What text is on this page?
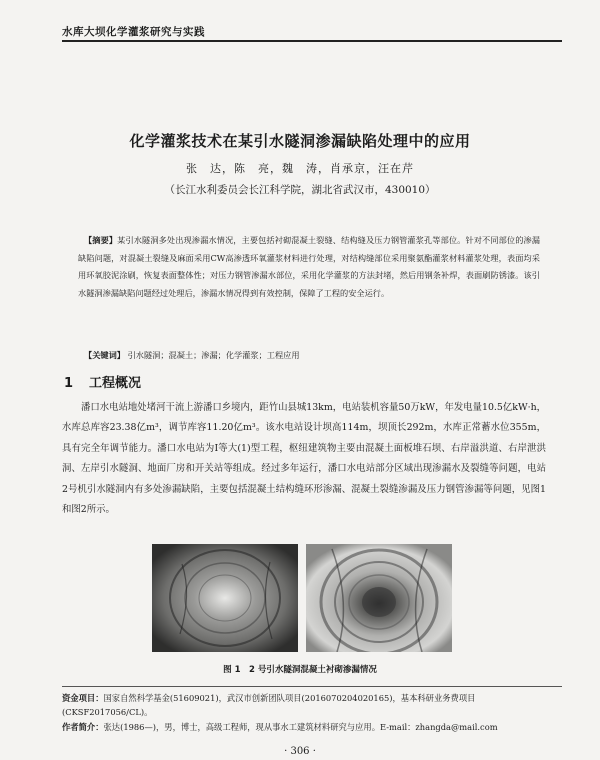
水库大坝化学灌浆研究与实践
化学灌浆技术在某引水隧洞渗漏缺陷处理中的应用
张　达，陈　亮，魏　涛，肖承京，汪在芹
（长江水利委员会长江科学院，湖北省武汉市，430010）
【摘要】某引水隧洞多处出现渗漏水情况，主要包括衬砌混凝土裂缝、结构缝及压力钢管灌浆孔等部位。针对不同部位的渗漏缺陷问题，对混凝土裂缝及麻面采用CW高渗透环氧灌浆材料进行处理，对结构缝部位采用聚氨酯灌浆材料灌浆处理，表面均采用环氧胶泥涂刷，恢复表面整体性；对压力钢管渗漏水部位，采用化学灌浆的方法封堵，然后用钢条补焊，表面刷防锈漆。该引水隧洞渗漏缺陷问题经过处理后，渗漏水情况得到有效控制，保障了工程的安全运行。
【关键词】 引水隧洞；混凝土；渗漏；化学灌浆；工程应用
1 工程概况
潘口水电站地处堵河干流上游潘口乡境内，距竹山县城13km，电站装机容量50万kW，年发电量10.5亿kW·h，水库总库容23.38亿m³，调节库容11.20亿m³。该水电站设计坝高114m，坝顶长292m，水库正常蓄水位355m，具有完全年调节能力。潘口水电站为Ⅰ等大(1)型工程，枢纽建筑物主要由混凝土面板堆石坝、右岸溢洪道、右岸泄洪洞、左岸引水隧洞、地面厂房和开关站等组成。经过多年运行，潘口水电站部分区域出现渗漏水及裂缝等问题，电站2号机引水隧洞内有多处渗漏缺陷，主要包括混凝土结构缝环形渗漏、混凝土裂缝渗漏及压力钢管渗漏等问题，见图1和图2所示。
图 1　2 号引水隧洞混凝土衬砌渗漏情况
资金项目：国家自然科学基金(51609021)，武汉市创新团队项目(2016070204020165)，基本科研业务费项目(CKSF2017056/CL)。
作者简介：张达(1986—)，男，博士，高级工程师，现从事水工建筑材料研究与应用。E-mail：zhangda@mail.com
· 306 ·
